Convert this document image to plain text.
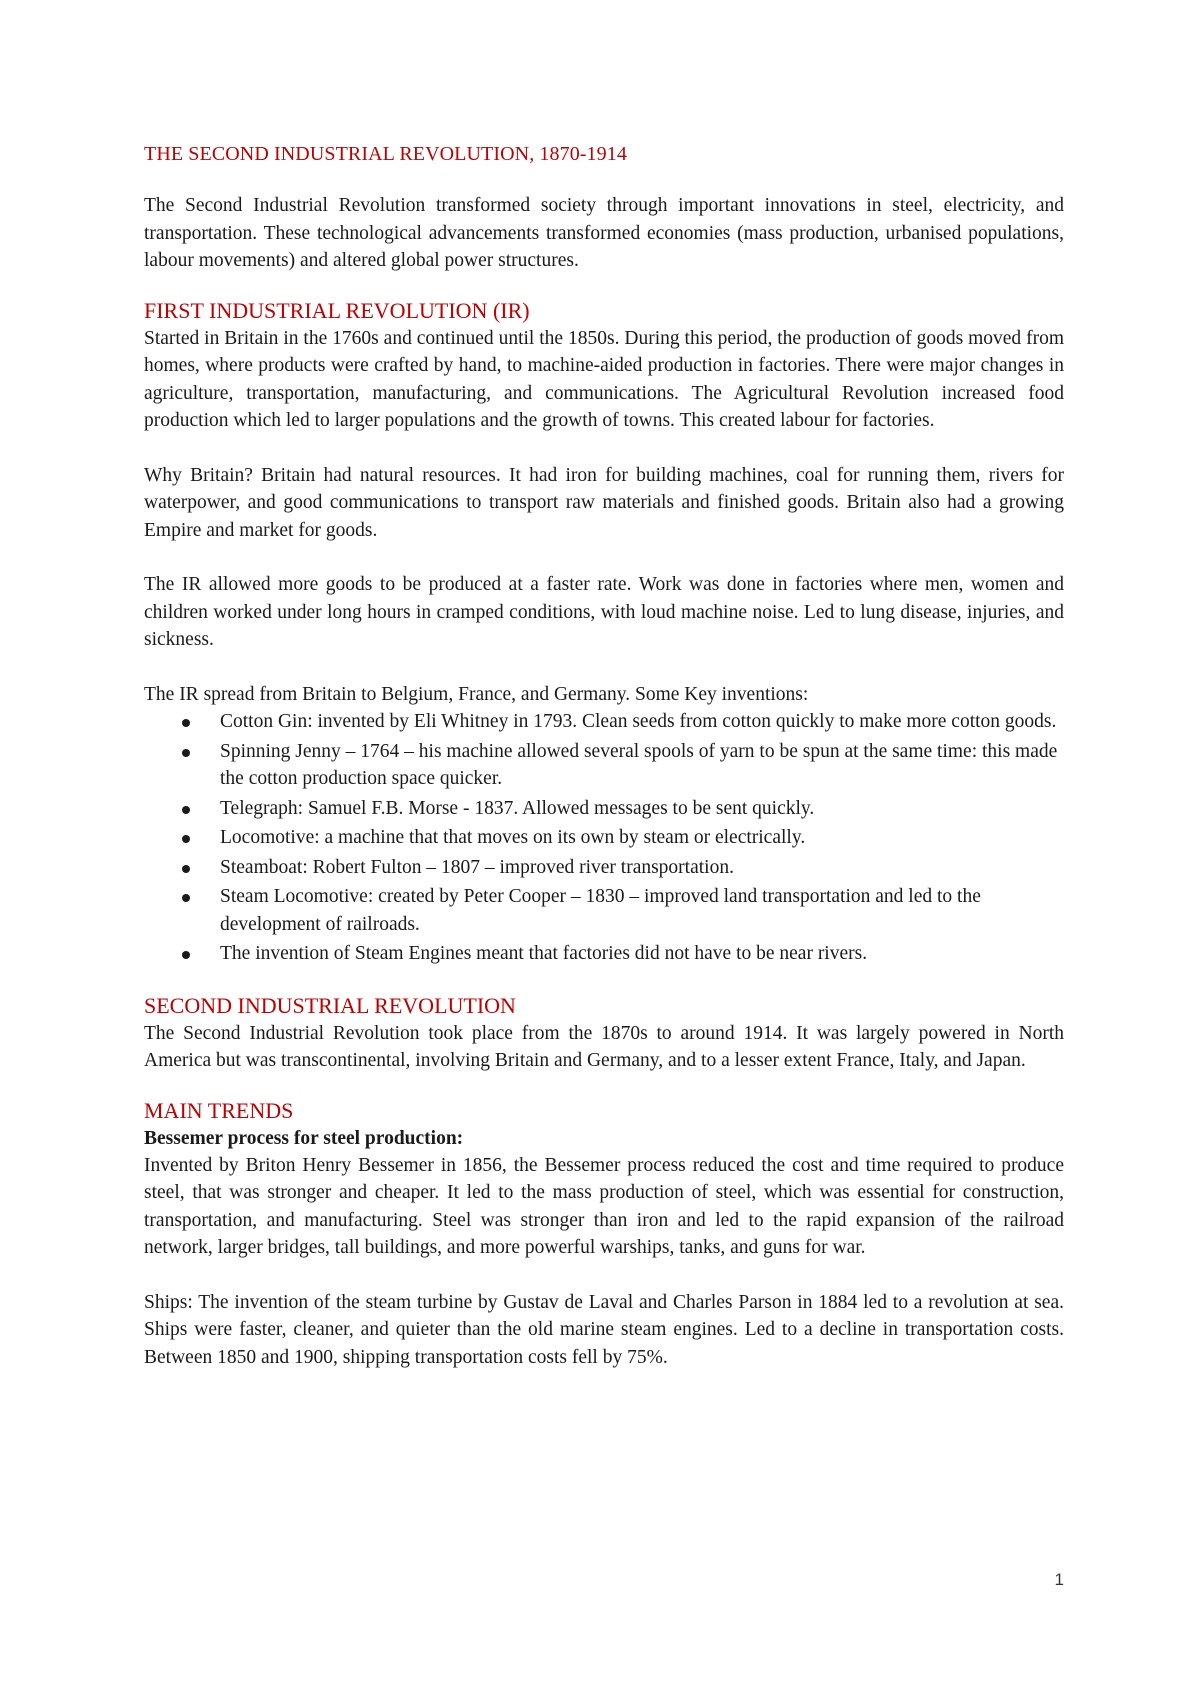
THE SECOND INDUSTRIAL REVOLUTION, 1870-1914

The Second Industrial Revolution transformed society through important innovations in steel, electricity, and transportation. These technological advancements transformed economies (mass production, urbanised populations, labour movements) and altered global power structures.

FIRST INDUSTRIAL REVOLUTION (IR)

Started in Britain in the 1760s and continued until the 1850s. During this period, the production of goods moved from homes, where products were crafted by hand, to machine-aided production in factories. There were major changes in agriculture, transportation, manufacturing, and communications. The Agricultural Revolution increased food production which led to larger populations and the growth of towns. This created labour for factories.

Why Britain? Britain had natural resources. It had iron for building machines, coal for running them, rivers for waterpower, and good communications to transport raw materials and finished goods. Britain also had a growing Empire and market for goods.

The IR allowed more goods to be produced at a faster rate. Work was done in factories where men, women and children worked under long hours in cramped conditions, with loud machine noise. Led to lung disease, injuries, and sickness.

The IR spread from Britain to Belgium, France, and Germany. Some Key inventions:

Cotton Gin: invented by Eli Whitney in 1793. Clean seeds from cotton quickly to make more cotton goods.
Spinning Jenny – 1764 – his machine allowed several spools of yarn to be spun at the same time: this made the cotton production space quicker.
Telegraph: Samuel F.B. Morse - 1837. Allowed messages to be sent quickly.
Locomotive: a machine that that moves on its own by steam or electrically.
Steamboat: Robert Fulton – 1807 – improved river transportation.
Steam Locomotive: created by Peter Cooper – 1830 – improved land transportation and led to the development of railroads.
The invention of Steam Engines meant that factories did not have to be near rivers.
SECOND INDUSTRIAL REVOLUTION

The Second Industrial Revolution took place from the 1870s to around 1914. It was largely powered in North America but was transcontinental, involving Britain and Germany, and to a lesser extent France, Italy, and Japan.

MAIN TRENDS
Bessemer process for steel production:

Invented by Briton Henry Bessemer in 1856, the Bessemer process reduced the cost and time required to produce steel, that was stronger and cheaper. It led to the mass production of steel, which was essential for construction, transportation, and manufacturing. Steel was stronger than iron and led to the rapid expansion of the railroad network, larger bridges, tall buildings, and more powerful warships, tanks, and guns for war.

Ships: The invention of the steam turbine by Gustav de Laval and Charles Parson in 1884 led to a revolution at sea. Ships were faster, cleaner, and quieter than the old marine steam engines. Led to a decline in transportation costs. Between 1850 and 1900, shipping transportation costs fell by 75%.

1
